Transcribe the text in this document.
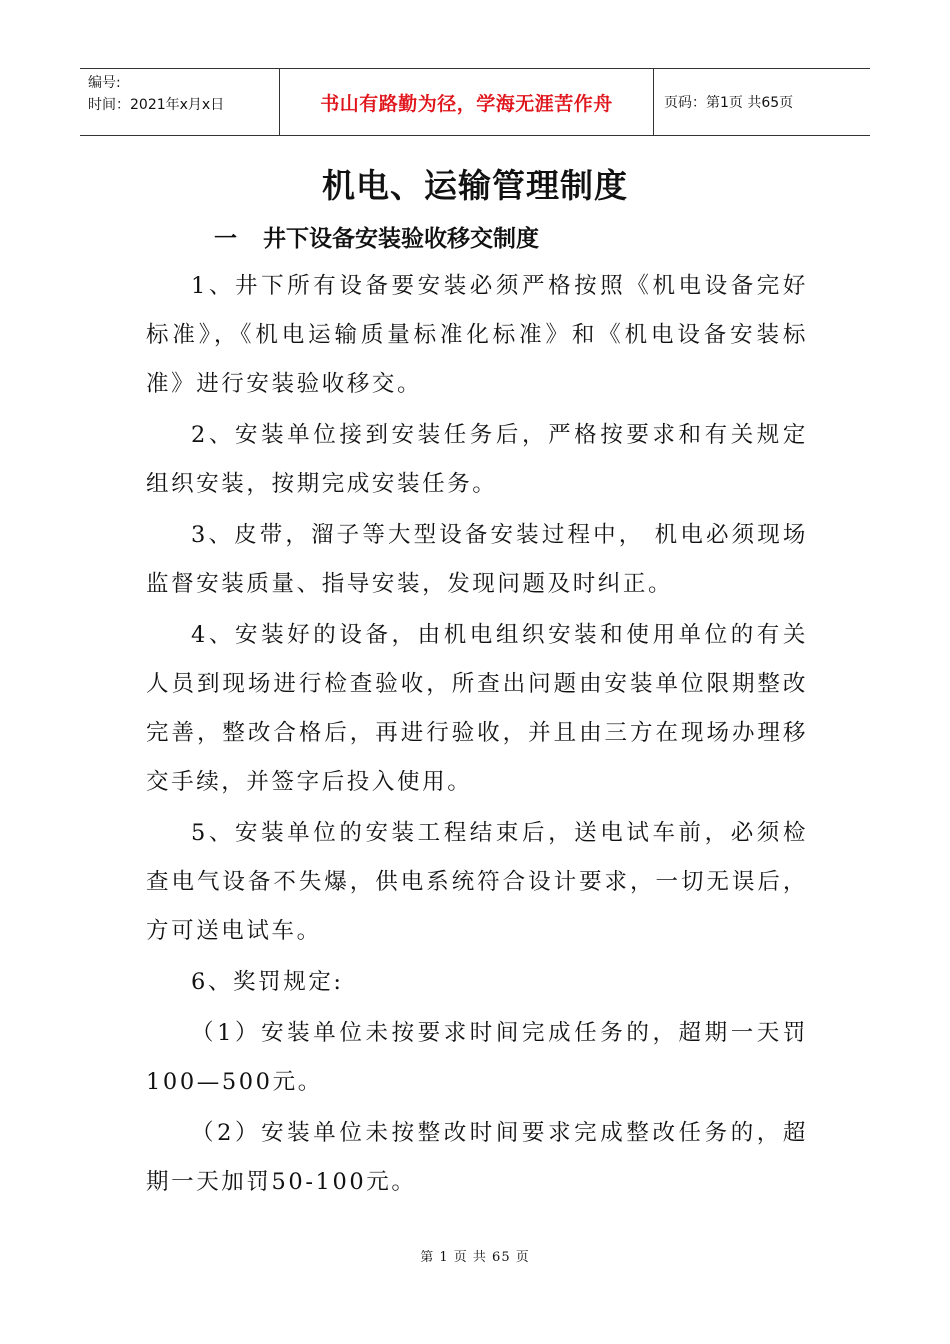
编号:
时间：2021年x月x日	书山有路勤为径，学海无涯苦作舟	页码：第1页 共65页
机电、运输管理制度
一 井下设备安装验收移交制度

1、井下所有设备要安装必须严格按照《机电设备完好标准》，《机电运输质量标准化标准》和《机电设备安装标准》进行安装验收移交。

2、安装单位接到安装任务后，严格按要求和有关规定组织安装，按期完成安装任务。

3、皮带，溜子等大型设备安装过程中， 机电必须现场监督安装质量、指导安装，发现问题及时纠正。

4、安装好的设备，由机电组织安装和使用单位的有关人员到现场进行检查验收，所查出问题由安装单位限期整改完善，整改合格后，再进行验收，并且由三方在现场办理移交手续，并签字后投入使用。

5、安装单位的安装工程结束后，送电试车前，必须检查电气设备不失爆，供电系统符合设计要求，一切无误后，方可送电试车。

6、奖罚规定:

（1）安装单位未按要求时间完成任务的，超期一天罚100—500元。

（2）安装单位未按整改时间要求完成整改任务的，超期一天加罚50-100元。

第 1 页 共 65 页
